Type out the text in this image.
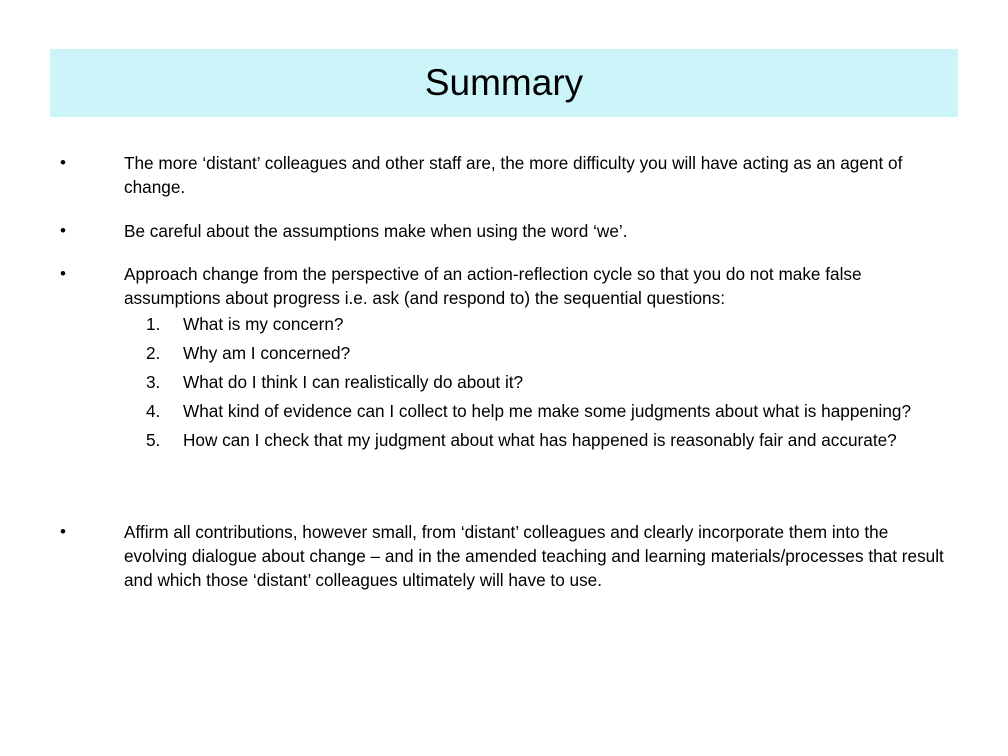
Summary
•	The more ‘distant’ colleagues and other staff are, the more difficulty you will have acting as an agent of change.
•	Be careful about the assumptions make when using the word ‘we’.
•	Approach change from the perspective of an action-reflection cycle so that you do not make false assumptions about progress i.e. ask (and respond to) the sequential questions:
1. What is my concern?
2. Why am I concerned?
3. What do I think I can realistically do about it?
4. What kind of evidence can I collect to help me make some judgments about what is happening?
5. How can I check that my judgment about what has happened is reasonably fair and accurate?
•	Affirm all contributions, however small, from ‘distant’ colleagues and clearly incorporate them into the evolving dialogue about change – and in the amended teaching and learning materials/processes that result and which those ‘distant’ colleagues ultimately will have to use.
